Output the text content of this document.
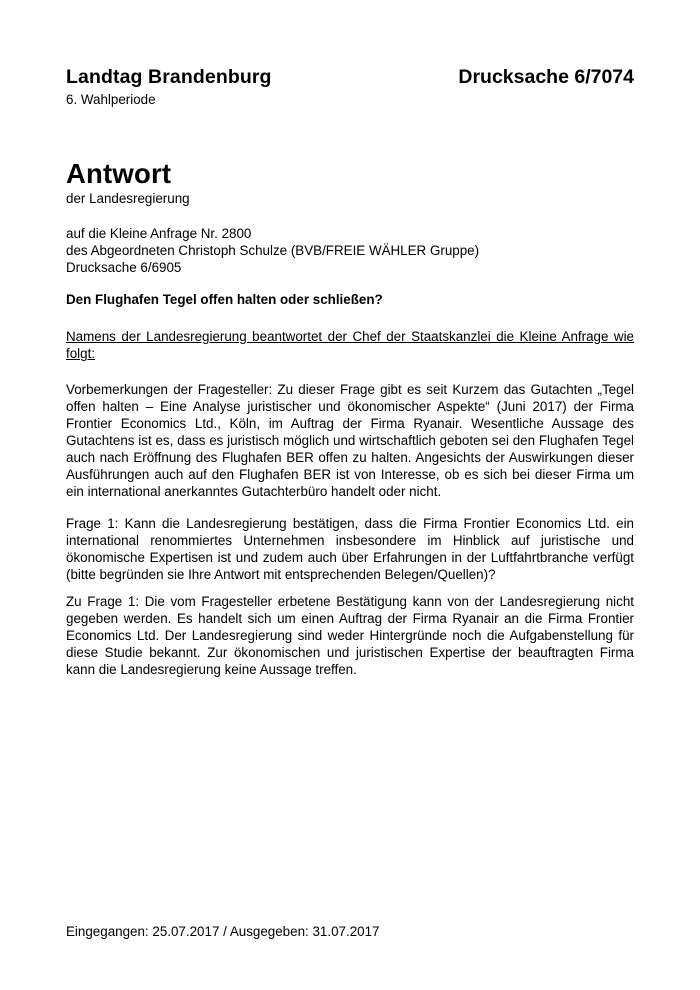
Landtag Brandenburg	Drucksache 6/7074
6. Wahlperiode
Antwort
der Landesregierung
auf die Kleine Anfrage Nr. 2800
des Abgeordneten Christoph Schulze (BVB/FREIE WÄHLER Gruppe)
Drucksache 6/6905
Den Flughafen Tegel offen halten oder schließen?
Namens der Landesregierung beantwortet der Chef der Staatskanzlei die Kleine Anfrage wie folgt:
Vorbemerkungen der Fragesteller: Zu dieser Frage gibt es seit Kurzem das Gutachten „Tegel offen halten – Eine Analyse juristischer und ökonomischer Aspekte“ (Juni 2017) der Firma Frontier Economics Ltd., Köln, im Auftrag der Firma Ryanair. Wesentliche Aussage des Gutachtens ist es, dass es juristisch möglich und wirtschaftlich geboten sei den Flughafen Tegel auch nach Eröffnung des Flughafen BER offen zu halten. Angesichts der Auswirkungen dieser Ausführungen auch auf den Flughafen BER ist von Interesse, ob es sich bei dieser Firma um ein international anerkanntes Gutachterbüro handelt oder nicht.
Frage 1: Kann die Landesregierung bestätigen, dass die Firma Frontier Economics Ltd. ein international renommiertes Unternehmen insbesondere im Hinblick auf juristische und ökonomische Expertisen ist und zudem auch über Erfahrungen in der Luftfahrtbranche verfügt (bitte begründen sie Ihre Antwort mit entsprechenden Belegen/Quellen)?
Zu Frage 1: Die vom Fragesteller erbetene Bestätigung kann von der Landesregierung nicht gegeben werden. Es handelt sich um einen Auftrag der Firma Ryanair an die Firma Frontier Economics Ltd. Der Landesregierung sind weder Hintergründe noch die Aufgabenstellung für diese Studie bekannt. Zur ökonomischen und juristischen Expertise der beauftragten Firma kann die Landesregierung keine Aussage treffen.
Eingegangen: 25.07.2017 / Ausgegeben: 31.07.2017
